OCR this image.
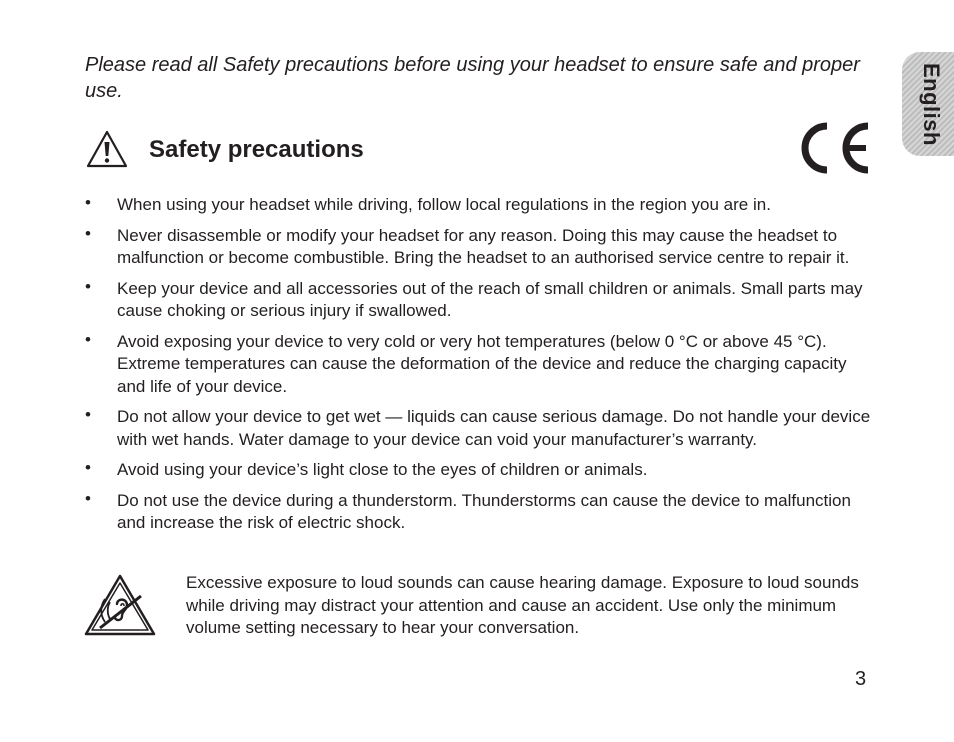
Please read all Safety precautions before using your headset to ensure safe and proper use.

Safety precautions
English
• When using your headset while driving, follow local regulations in the region you are in.
• Never disassemble or modify your headset for any reason. Doing this may cause the headset to malfunction or become combustible. Bring the headset to an authorised service centre to repair it.
• Keep your device and all accessories out of the reach of small children or animals. Small parts may cause choking or serious injury if swallowed.
• Avoid exposing your device to very cold or very hot temperatures (below 0 °C or above 45 °C). Extreme temperatures can cause the deformation of the device and reduce the charging capacity and life of your device.
• Do not allow your device to get wet — liquids can cause serious damage. Do not handle your device with wet hands. Water damage to your device can void your manufacturer’s warranty.
• Avoid using your device’s light close to the eyes of children or animals.
• Do not use the device during a thunderstorm. Thunderstorms can cause the device to malfunction and increase the risk of electric shock.

Excessive exposure to loud sounds can cause hearing damage. Exposure to loud sounds while driving may distract your attention and cause an accident. Use only the minimum volume setting necessary to hear your conversation.

3
